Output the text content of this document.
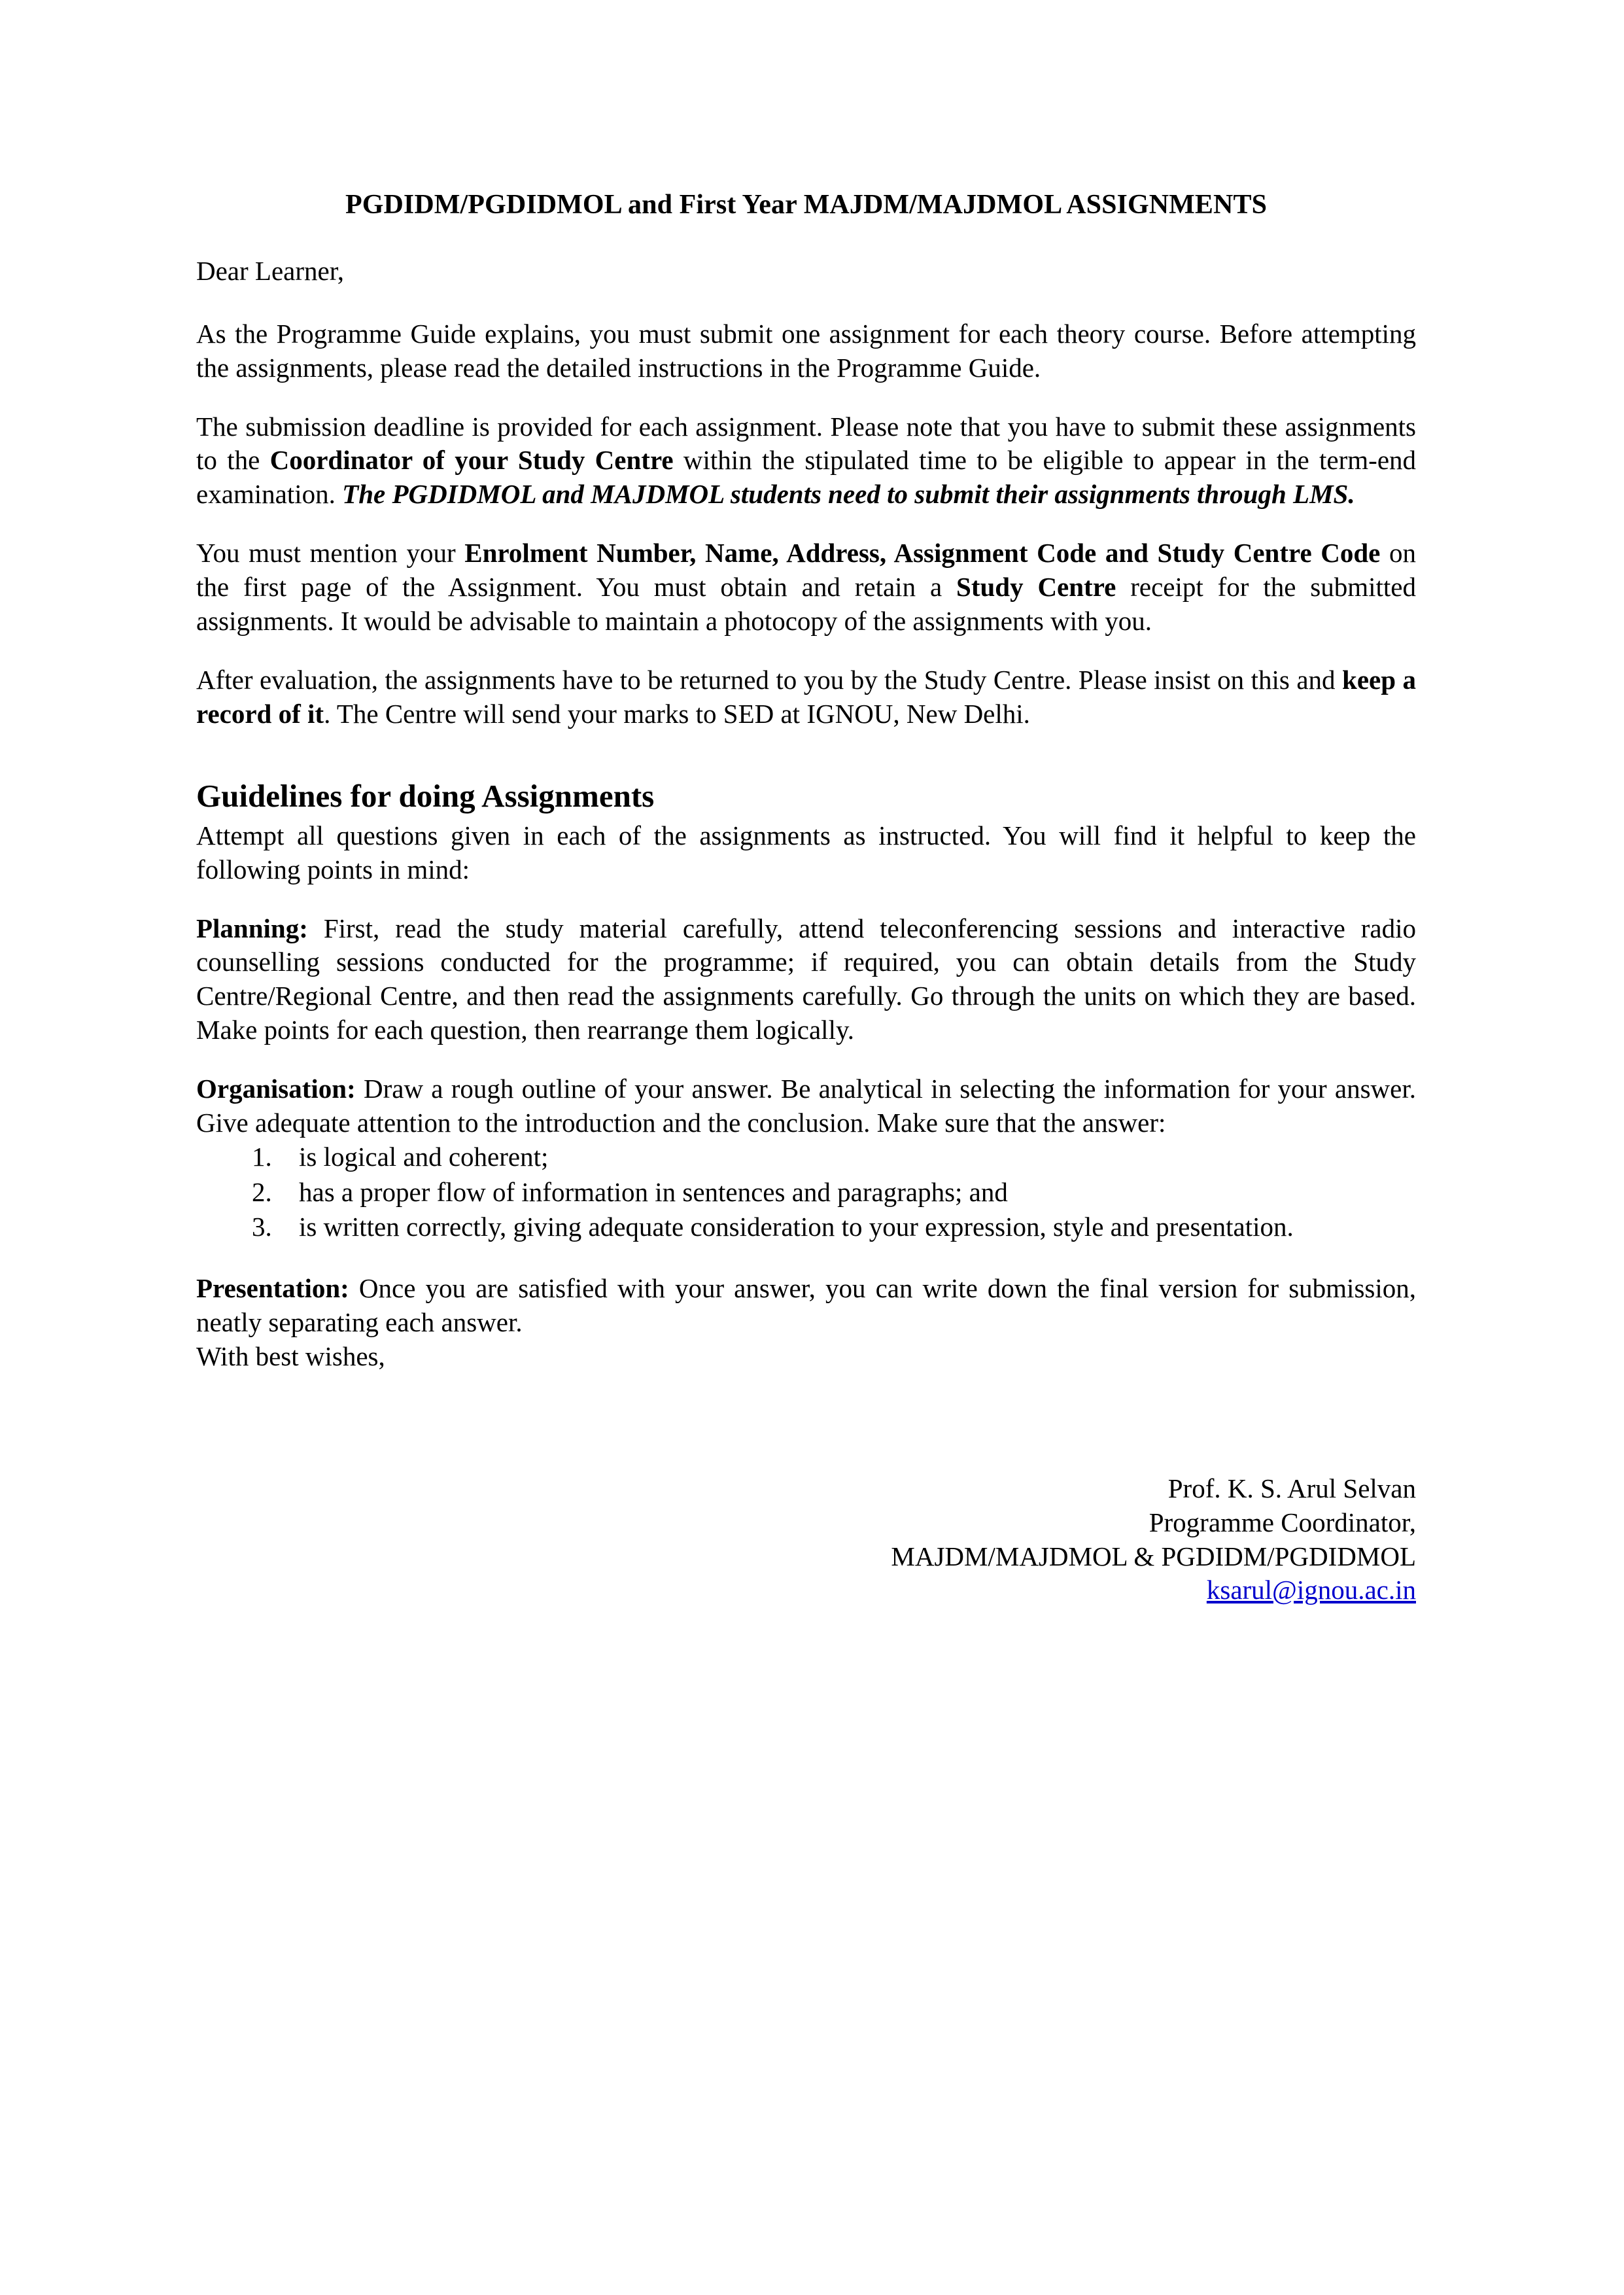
PGDIDM/PGDIDMOL and First Year MAJDM/MAJDMOL ASSIGNMENTS

Dear Learner,

As the Programme Guide explains, you must submit one assignment for each theory course. Before attempting the assignments, please read the detailed instructions in the Programme Guide.

The submission deadline is provided for each assignment. Please note that you have to submit these assignments to the Coordinator of your Study Centre within the stipulated time to be eligible to appear in the term-end examination. The PGDIDMOL and MAJDMOL students need to submit their assignments through LMS.

You must mention your Enrolment Number, Name, Address, Assignment Code and Study Centre Code on the first page of the Assignment. You must obtain and retain a Study Centre receipt for the submitted assignments. It would be advisable to maintain a photocopy of the assignments with you.

After evaluation, the assignments have to be returned to you by the Study Centre. Please insist on this and keep a record of it. The Centre will send your marks to SED at IGNOU, New Delhi.

Guidelines for doing Assignments

Attempt all questions given in each of the assignments as instructed. You will find it helpful to keep the following points in mind:

Planning: First, read the study material carefully, attend teleconferencing sessions and interactive radio counselling sessions conducted for the programme; if required, you can obtain details from the Study Centre/Regional Centre, and then read the assignments carefully. Go through the units on which they are based. Make points for each question, then rearrange them logically.

Organisation: Draw a rough outline of your answer. Be analytical in selecting the information for your answer. Give adequate attention to the introduction and the conclusion. Make sure that the answer:

1.	is logical and coherent;
2.	has a proper flow of information in sentences and paragraphs; and
3.	is written correctly, giving adequate consideration to your expression, style and presentation.

Presentation: Once you are satisfied with your answer, you can write down the final version for submission, neatly separating each answer.

With best wishes,

Prof. K. S. Arul Selvan
Programme Coordinator,
MAJDM/MAJDMOL & PGDIDM/PGDIDMOL
ksarul@ignou.ac.in
